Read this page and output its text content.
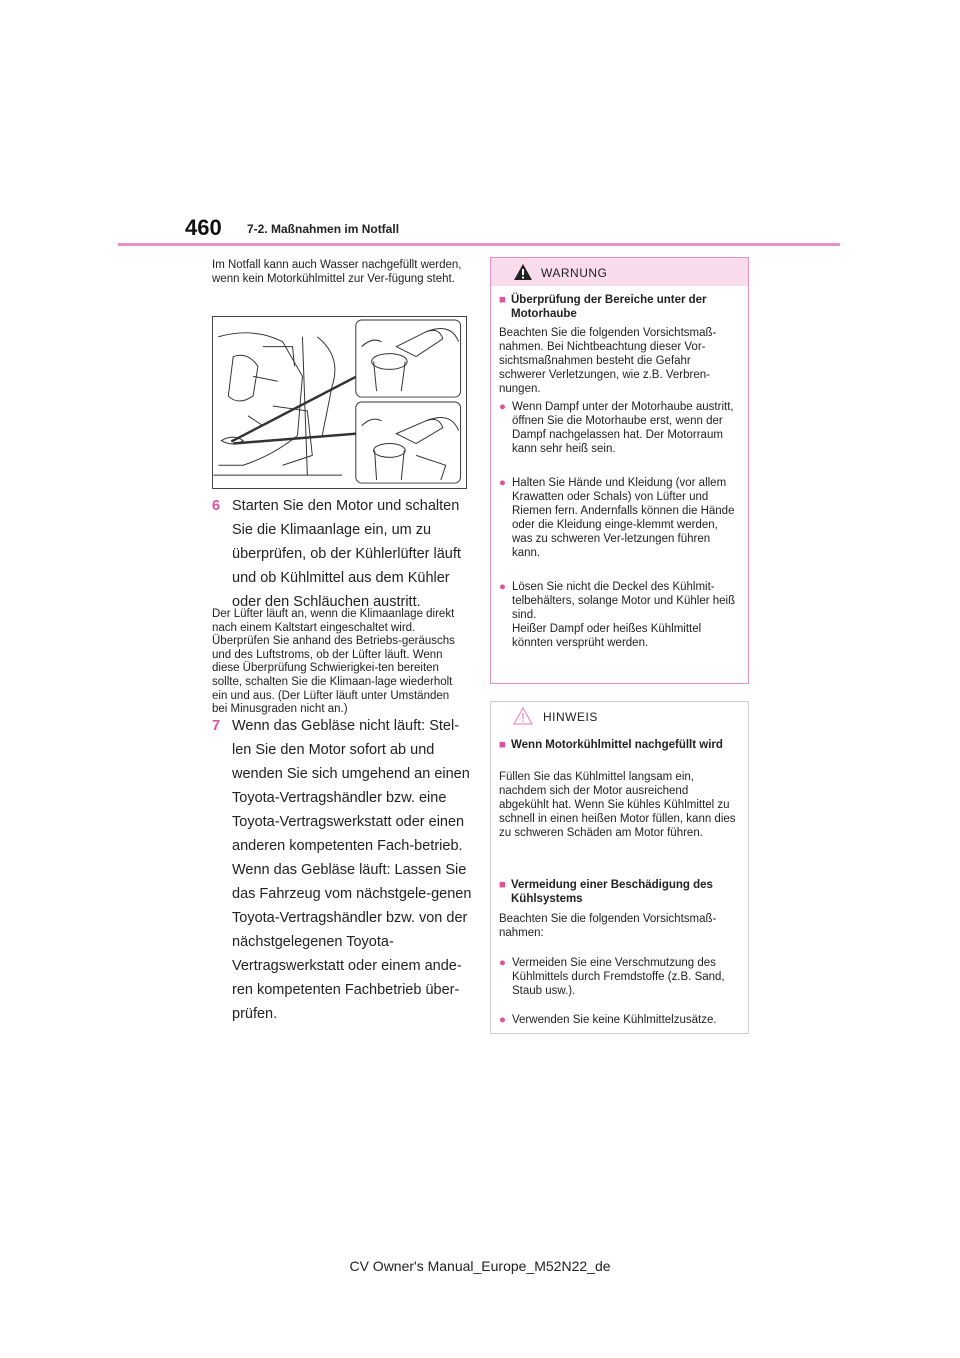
460 7-2. Maßnahmen im Notfall
Im Notfall kann auch Wasser nachgefüllt werden, wenn kein Motorkühlmittel zur Ver-fügung steht.
6 Starten Sie den Motor und schalten Sie die Klimaanlage ein, um zu überprüfen, ob der Kühlerlüfter läuft und ob Kühlmittel aus dem Kühler oder den Schläuchen austritt.
Der Lüfter läuft an, wenn die Klimaanlage direkt nach einem Kaltstart eingeschaltet wird. Überprüfen Sie anhand des Betriebs-geräuschs und des Luftstroms, ob der Lüfter läuft. Wenn diese Überprüfung Schwierigkei-ten bereiten sollte, schalten Sie die Klimaan-lage wiederholt ein und aus. (Der Lüfter läuft unter Umständen bei Minusgraden nicht an.)
7 Wenn das Gebläse nicht läuft: Stel-len Sie den Motor sofort ab und wenden Sie sich umgehend an einen Toyota-Vertragshändler bzw. eine Toyota-Vertragswerkstatt oder einen anderen kompetenten Fach-betrieb.
Wenn das Gebläse läuft: Lassen Sie das Fahrzeug vom nächstgele-genen Toyota-Vertragshändler bzw. von der nächstgelegenen Toyota-Vertragswerkstatt oder einem ande-ren kompetenten Fachbetrieb über-prüfen.
WARNUNG
■ Überprüfung der Bereiche unter der Motorhaube
Beachten Sie die folgenden Vorsichtsmaß-nahmen. Bei Nichtbeachtung dieser Vor-sichtsmaßnahmen besteht die Gefahr schwerer Verletzungen, wie z.B. Verbren-nungen.
● Wenn Dampf unter der Motorhaube austritt, öffnen Sie die Motorhaube erst, wenn der Dampf nachgelassen hat. Der Motorraum kann sehr heiß sein.
● Halten Sie Hände und Kleidung (vor allem Krawatten oder Schals) von Lüfter und Riemen fern. Andernfalls können die Hände oder die Kleidung einge-klemmt werden, was zu schweren Ver-letzungen führen kann.
● Lösen Sie nicht die Deckel des Kühlmit-telbehälters, solange Motor und Kühler heiß sind.
Heißer Dampf oder heißes Kühlmittel könnten versprüht werden.
HINWEIS
■ Wenn Motorkühlmittel nachgefüllt wird
Füllen Sie das Kühlmittel langsam ein, nachdem sich der Motor ausreichend abgekühlt hat. Wenn Sie kühles Kühlmittel zu schnell in einen heißen Motor füllen, kann dies zu schweren Schäden am Motor führen.
■ Vermeidung einer Beschädigung des Kühlsystems
Beachten Sie die folgenden Vorsichtsmaß-nahmen:
● Vermeiden Sie eine Verschmutzung des Kühlmittels durch Fremdstoffe (z.B. Sand, Staub usw.).
● Verwenden Sie keine Kühlmittelzusätze.
CV Owner's Manual_Europe_M52N22_de
